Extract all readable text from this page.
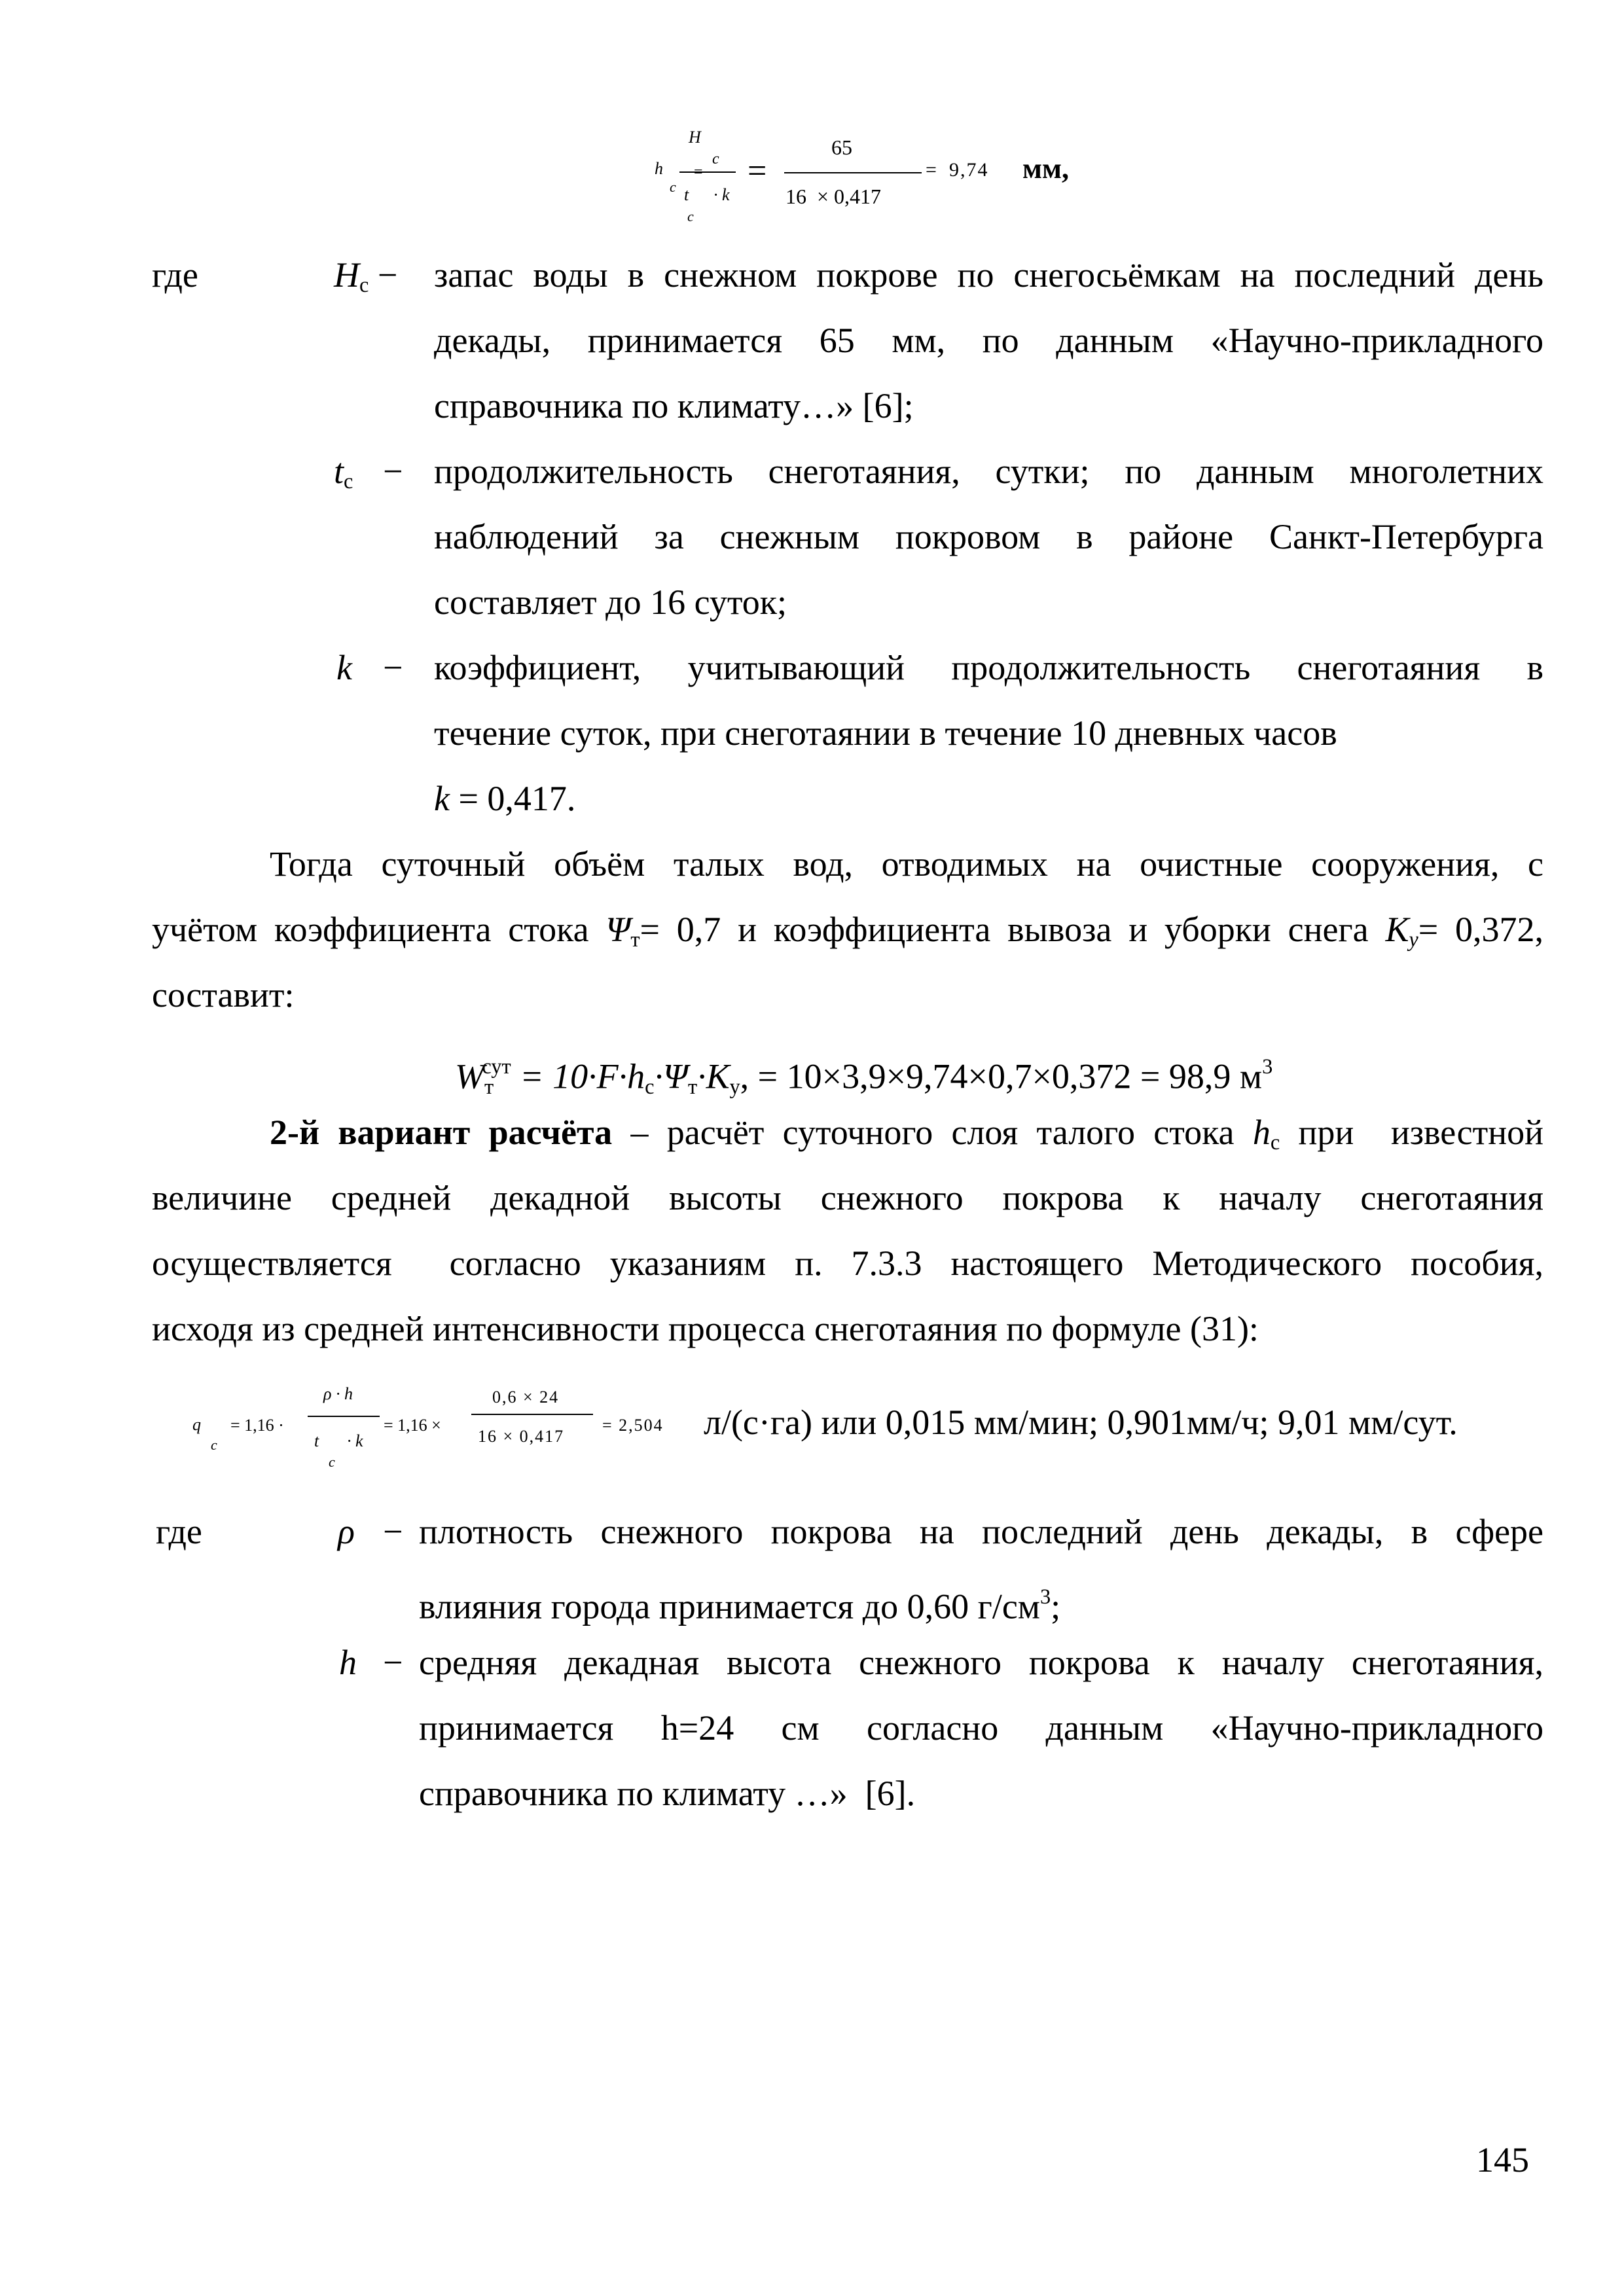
h
c
H
c
t · k
c
=
65
16  × 0,417
= 9,74 мм,
где	$H_с$ − запас воды в снежном покрове по снегосьёмкам на последний день
декады, принимается 65 мм, по данным «Научно-прикладного
справочника по климату…» [6];
$t_с$ − продолжительность снеготаяния, сутки; по данным многолетних
наблюдений за снежным покровом в районе Санкт-Петербурга
составляет до 16 суток;
k − коэффициент, учитывающий продолжительность снеготаяния в
течение суток, при снеготаянии в течение 10 дневных часов
k = 0,417.
Тогда суточный объём талых вод, отводимых на очистные сооружения, с
учётом коэффициента стока $\Psi_т= 0,7$ и коэффициента вывоза и уборки снега $К_у= 0,372$,
составит:
$W_т^{сут} = 10\cdot F\cdot h_с\cdot\Psi_т\cdot К_у$, = 10×3,9×9,74×0,7×0,372 = 98,9 $м^3$
2-й вариант расчёта – расчёт суточного слоя талого стока $h_с$ при  известной
величине средней декадной высоты снежного покрова к началу снеготаяния
осуществляется  согласно указаниям п. 7.3.3 настоящего Методического пособия,
исходя из средней интенсивности процесса снеготаяния по формуле (31):
q
c
= 1,16 ·
ρ · h
t · k
c
= 1,16 ×
0,6 × 24
16 × 0,417
= 2,504 л/(с·га) или 0,015 мм/мин; 0,901мм/ч; 9,01 мм/сут.
где	ρ − плотность снежного покрова на последний день декады, в сфере
влияния города принимается до 0,60 $г/см^3$;
h − средняя декадная высота снежного покрова к началу снеготаяния,
принимается h=24 см согласно данным «Научно-прикладного
справочника по климату …»  [6].
145
